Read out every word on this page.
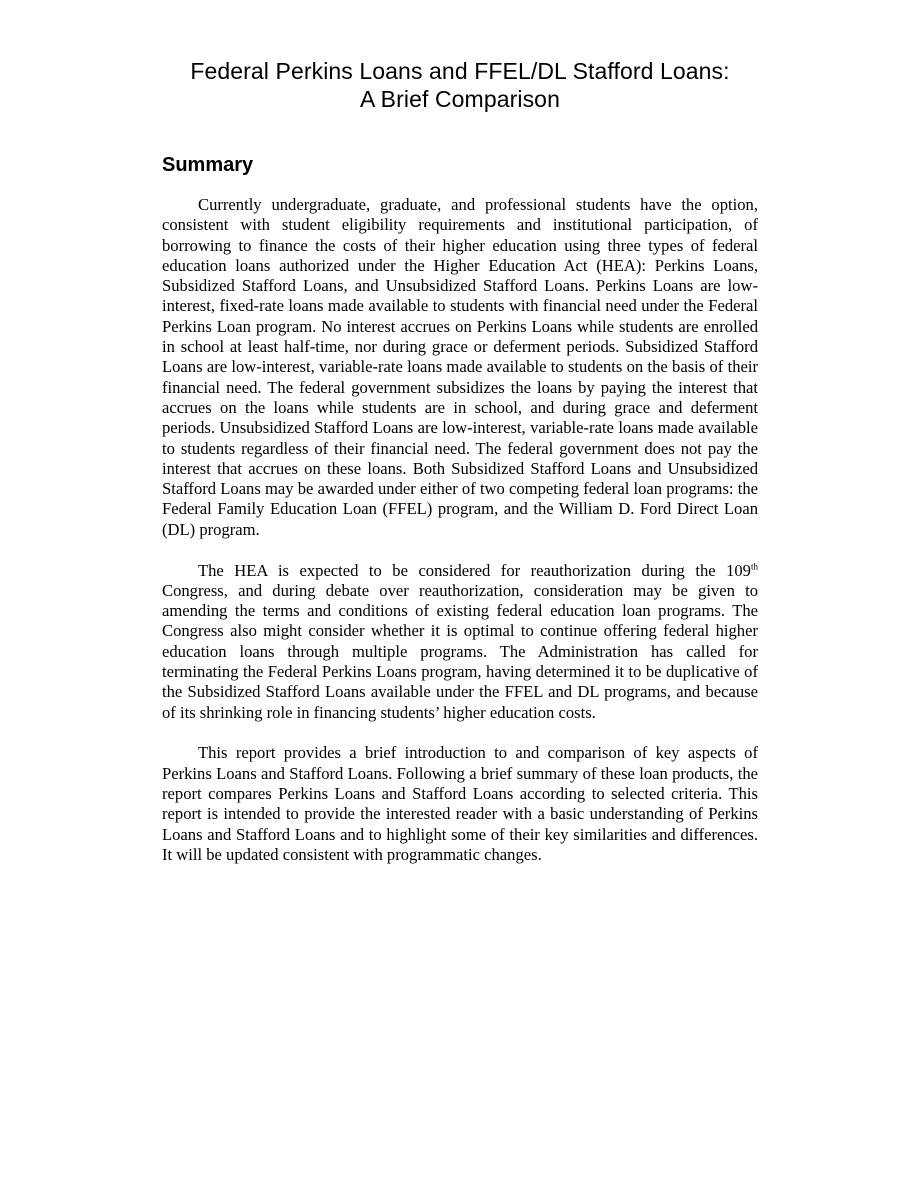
Federal Perkins Loans and FFEL/DL Stafford Loans:
A Brief Comparison
Summary

Currently undergraduate, graduate, and professional students have the option, consistent with student eligibility requirements and institutional participation, of borrowing to finance the costs of their higher education using three types of federal education loans authorized under the Higher Education Act (HEA): Perkins Loans, Subsidized Stafford Loans, and Unsubsidized Stafford Loans. Perkins Loans are low-interest, fixed-rate loans made available to students with financial need under the Federal Perkins Loan program. No interest accrues on Perkins Loans while students are enrolled in school at least half-time, nor during grace or deferment periods. Subsidized Stafford Loans are low-interest, variable-rate loans made available to students on the basis of their financial need. The federal government subsidizes the loans by paying the interest that accrues on the loans while students are in school, and during grace and deferment periods. Unsubsidized Stafford Loans are low-interest, variable-rate loans made available to students regardless of their financial need. The federal government does not pay the interest that accrues on these loans. Both Subsidized Stafford Loans and Unsubsidized Stafford Loans may be awarded under either of two competing federal loan programs: the Federal Family Education Loan (FFEL) program, and the William D. Ford Direct Loan (DL) program.

The HEA is expected to be considered for reauthorization during the 109th Congress, and during debate over reauthorization, consideration may be given to amending the terms and conditions of existing federal education loan programs. The Congress also might consider whether it is optimal to continue offering federal higher education loans through multiple programs. The Administration has called for terminating the Federal Perkins Loans program, having determined it to be duplicative of the Subsidized Stafford Loans available under the FFEL and DL programs, and because of its shrinking role in financing students’ higher education costs.

This report provides a brief introduction to and comparison of key aspects of Perkins Loans and Stafford Loans. Following a brief summary of these loan products, the report compares Perkins Loans and Stafford Loans according to selected criteria. This report is intended to provide the interested reader with a basic understanding of Perkins Loans and Stafford Loans and to highlight some of their key similarities and differences. It will be updated consistent with programmatic changes.
